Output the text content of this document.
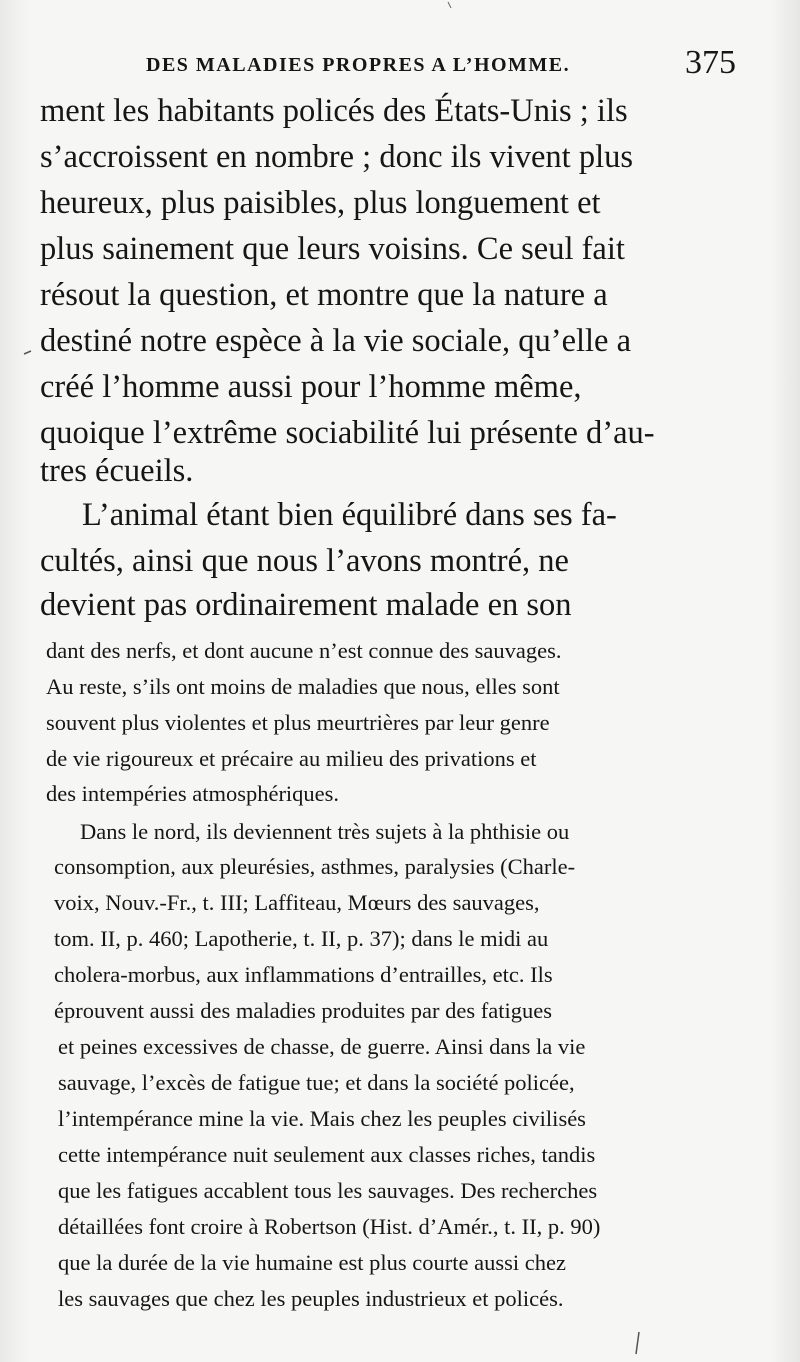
DES MALADIES PROPRES A L’HOMME.	375
ment les habitants policés des États-Unis ; ils
s’accroissent en nombre ; donc ils vivent plus
heureux, plus paisibles, plus longuement et
plus sainement que leurs voisins. Ce seul fait
résout la question, et montre que la nature a
destiné notre espèce à la vie sociale, qu’elle a
créé l’homme aussi pour l’homme même,
quoique l’extrême sociabilité lui présente d’au-
tres écueils.
L’animal étant bien équilibré dans ses fa-
cultés, ainsi que nous l’avons montré, ne
devient pas ordinairement malade en son
dant des nerfs, et dont aucune n’est connue des sauvages.
Au reste, s’ils ont moins de maladies que nous, elles sont
souvent plus violentes et plus meurtrières par leur genre
de vie rigoureux et précaire au milieu des privations et
des intempéries atmosphériques.
Dans le nord, ils deviennent très sujets à la phthisie ou
consomption, aux pleurésies, asthmes, paralysies (Charle-
voix, Nouv.-Fr., t. III; Laffiteau, Mœurs des sauvages,
tom. II, p. 460; Lapotherie, t. II, p. 37); dans le midi au
cholera-morbus, aux inflammations d’entrailles, etc. Ils
éprouvent aussi des maladies produites par des fatigues
et peines excessives de chasse, de guerre. Ainsi dans la vie
sauvage, l’excès de fatigue tue; et dans la société policée,
l’intempérance mine la vie. Mais chez les peuples civilisés
cette intempérance nuit seulement aux classes riches, tandis
que les fatigues accablent tous les sauvages. Des recherches
détaillées font croire à Robertson (Hist. d’Amér., t. II, p. 90)
que la durée de la vie humaine est plus courte aussi chez
les sauvages que chez les peuples industrieux et policés.
